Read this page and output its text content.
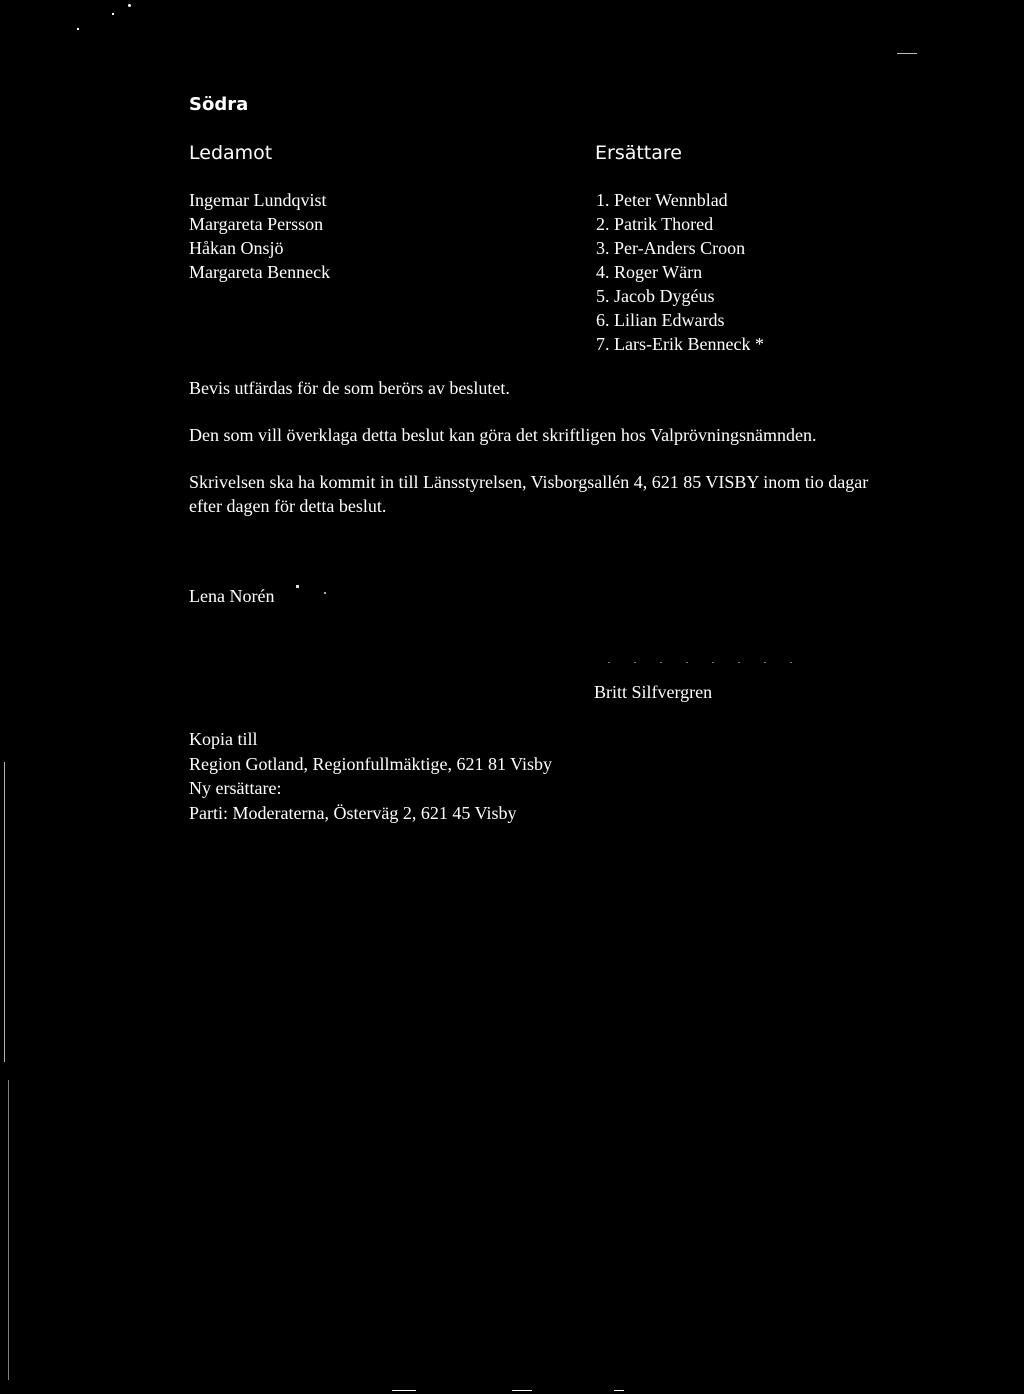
Södra
Ledamot	Ersättare
Ingemar Lundqvist
Margareta Persson
Håkan Onsjö
Margareta Benneck
1. Peter Wennblad
2. Patrik Thored
3. Per-Anders Croon
4. Roger Wärn
5. Jacob Dygéus
6. Lilian Edwards
7. Lars-Erik Benneck *
Bevis utfärdas för de som berörs av beslutet.
Den som vill överklaga detta beslut kan göra det skriftligen hos Valprövningsnämnden.
Skrivelsen ska ha kommit in till Länsstyrelsen, Visborgsallén 4, 621 85 VISBY inom tio dagar
efter dagen för detta beslut.
Lena Norén
Britt Silfvergren
Kopia till
Region Gotland, Regionfullmäktige, 621 81 Visby
Ny ersättare:
Parti: Moderaterna, Österväg 2, 621 45 Visby
